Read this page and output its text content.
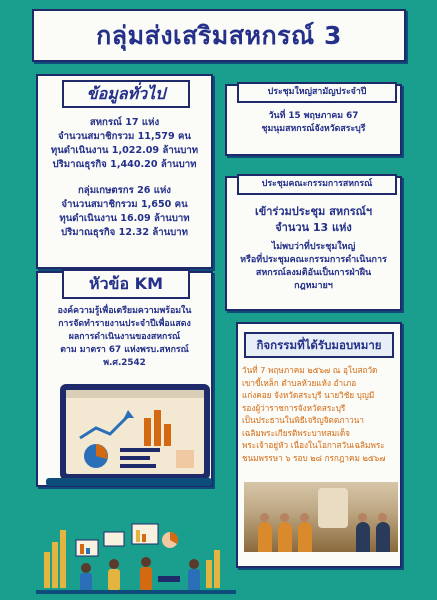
กลุ่มส่งเสริมสหกรณ์ 3
ข้อมูลทั่วไป
สหกรณ์ 17 แห่ง
จำนวนสมาชิกรวม 11,579 คน
ทุนดำเนินงาน 1,022.09 ล้านบาท
ปริมาณธุรกิจ 1,440.20 ล้านบาท
กลุ่มเกษตรกร 26 แห่ง
จำนวนสมาชิกรวม 1,650 คน
ทุนดำเนินงาน 16.09 ล้านบาท
ปริมาณธุรกิจ 12.32 ล้านบาท
ประชุมใหญ่สามัญประจำปี
วันที่ 15 พฤษภาคม 67
ชุมนุมสหกรณ์จังหวัดสระบุรี
ประชุมคณะกรรมการสหกรณ์
เข้าร่วมประชุม สหกรณ์ฯ
จำนวน 13 แห่ง
ไม่พบว่าที่ประชุมใหญ่
หรือที่ประชุมคณะกรรมการดำเนินการ
สหกรณ์ลงมติอันเป็นการฝ่าฝืน
กฎหมายฯ
หัวข้อ KM
องค์ความรู้เพื่อเตรียมความพร้อมใน
การจัดทำรายงานประจำปีเพื่อแสดง
ผลการดำเนินงานของสหกรณ์
ตาม มาตรา 67 แห่งพรบ.สหกรณ์
พ.ศ.2542
กิจกรรมที่ได้รับมอบหมาย
วันที่ 7 พฤษภาคม ๒๕๖๗ ณ อุโบสถวัด
เขาขี้เหล็ก ตำบลห้วยแห้ง อำเภอ
แก่งคอย จังหวัดสระบุรี นายวิชัย บุญมี
รองผู้ว่าราชการจังหวัดสระบุรี
เป็นประธานในพิธีเจริญจิตตภาวนา
เฉลิมพระเกียรติพระบาทสมเด็จ
พระเจ้าอยู่หัว เนื่องในโอกาสวันเฉลิมพระ
ชนมพรรษา ๖ รอบ ๒๘ กรกฎาคม ๒๕๖๗
